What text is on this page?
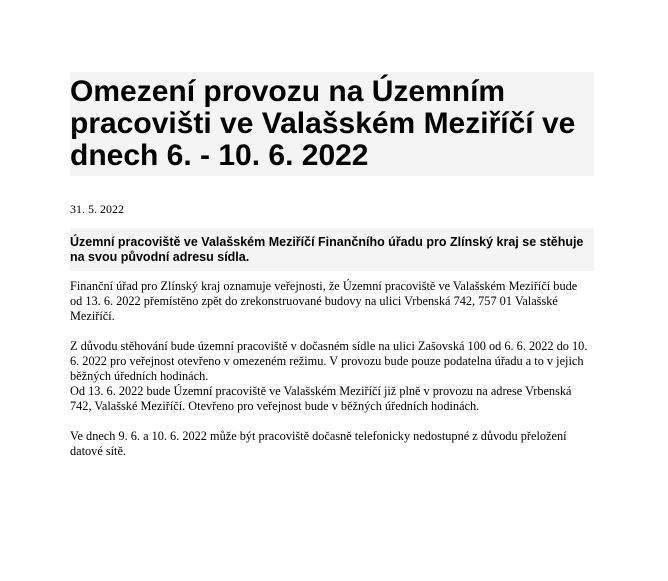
Omezení provozu na Územním pracovišti ve Valašském Meziříčí ve dnech 6. - 10. 6. 2022

31. 5. 2022

Územní pracoviště ve Valašském Meziříčí Finančního úřadu pro Zlínský kraj se stěhuje na svou původní adresu sídla.

Finanční úřad pro Zlínský kraj oznamuje veřejnosti, že Územní pracoviště ve Valašském Meziříčí bude od 13. 6. 2022 přemístěno zpět do zrekonstruované budovy na ulici Vrbenská 742, 757 01 Valašské Meziříčí.

Z důvodu stěhování bude územní pracoviště v dočasném sídle na ulici Zašovská 100 od 6. 6. 2022 do 10. 6. 2022 pro veřejnost otevřeno v omezeném režimu. V provozu bude pouze podatelna úřadu a to v jejich běžných úředních hodinách.
Od 13. 6. 2022 bude Územní pracoviště ve Valašském Meziříčí již plně v provozu na adrese Vrbenská 742, Valašské Meziříčí. Otevřeno pro veřejnost bude v běžných úředních hodinách.

Ve dnech 9. 6. a 10. 6. 2022 může být pracoviště dočasně telefonicky nedostupné z důvodu přeložení datové sítě.
